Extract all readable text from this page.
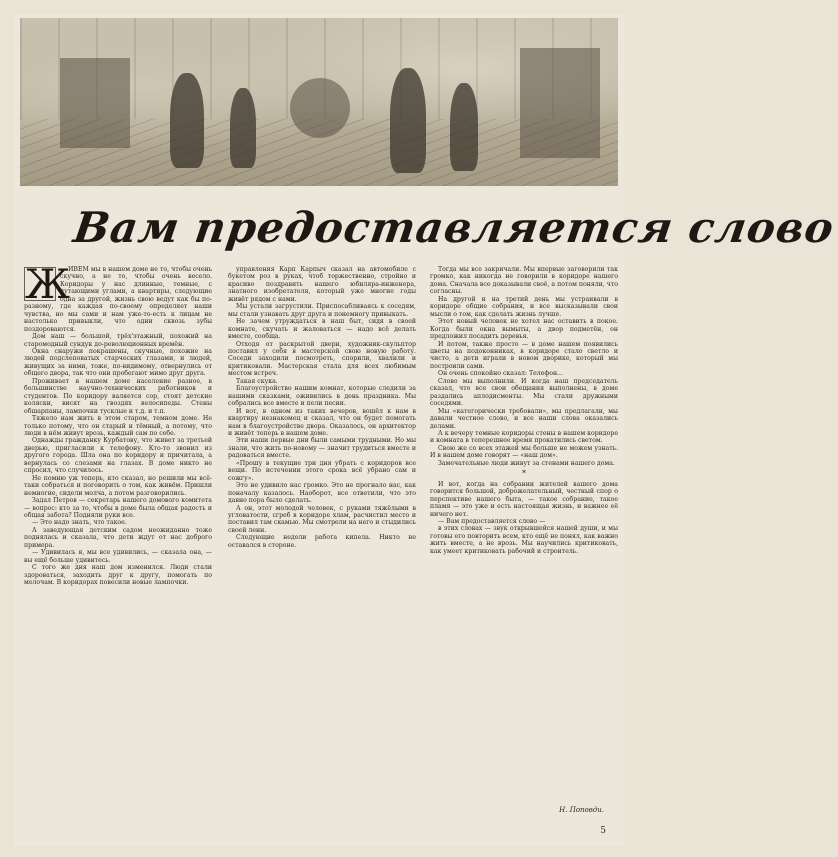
Вам предоставляется слово
Ж

ИВЕМ мы в нашем доме не то, чтобы очень скучно, а не то, чтобы очень весело. Коридоры у нас длинные, темные, с путающими углами, а квартиры, следующие одна за другой, жизнь свою ведут как бы по-разному, где каждая по-своему определяет наши чувства, но мы сами и нам уже-то-есть к лицам не настолько привыкли, что одни сквозь зубы поздороваются.

Дом наш — большой, трёх'этажный, похожий на старомодный сундук до-революционных времён.

Окна снаружи покрашены, скучные, похожие на людей подслеповатых старческих глазами, и людей, живущих за ними, тоже, по-видимому, отвернулись от общего двора, так что они пробегают мимо друг друга.

Проживает в нашем доме население разное, в большинстве научно-технических работников и студентов. По коридору валяется сор, стоят детские коляски, висят на гвоздях велосипеды. Стены обшарпаны, лампочки тусклые и т.д. и т.п.

Тяжело нам жить в этом старом, темном доме. Не только потому, что он старый и тёмный, а потому, что люди в нём живут врозь, каждый сам по себе.

Однажды гражданку Курбатову, что живет за третьей дверью, пригласили к телефону. Кто-то звонил из другого города. Шла она по коридору и причитала, а вернулась со слезами на глазах. В доме никто не спросил, что случилось.

Не помню уж теперь, кто сказал, но решили мы всё-таки собраться и поговорить о том, как живём. Пришли немногие, сидели молча, а потом разговорились.

Задал Петров — секретарь нашего домового комитета — вопрос: кто за то, чтобы в доме была общая радость и общая забота? Подняли руки все.

— Это надо знать, что такое.

А заведующая детским садом неожиданно тоже поднялась и сказала, что дети ждут от нас доброго примера.

— Удивилась я, мы все удивились, — сказала она, — вы ещё больше удивитесь.

С того же дня наш дом изменился. Люди стали здороваться, заходить друг к другу, помогать по мелочам. В коридорах повесили новые лампочки.

управления Карп Карпыч сказал на автомобиле с букетом роз в руках, чтоб торжественно, стройно и красиво поздравить нашего юбиляра-инженера, знатного изобретателя, который уже многие годы живёт рядом с нами.

Мы устали загрустили. Приспосабливаясь к соседям, мы стали узнавать друг друга и понемногу привыкать.

Не зачем утруждаться в наш быт, сидя в своей комнате, скучать и жаловаться — надо всё делать вместе, сообща.

Отходя от раскрытой двери, художник-скульптор поставил у себя в мастерской свою новую работу. Соседи заходили посмотреть, спорили, хвалили и критиковали. Мастерская стала для всех любимым местом встреч.

Такая скука.

Благоустройство нашим комнат, которые следили за нашими сказками, оживились в день праздника. Мы собрались все вместе и пели песни.

И вот, в одном из таких вечеров, вошёл к нам в квартиру незнакомец и сказал, что он будет помогать нам в благоустройстве двора. Оказалось, он архитектор и живёт теперь в нашем доме.

Эти наши первые дни были самыми трудными. Но мы знали, что жить по-новому — значит трудиться вместе и радоваться вместе.

«Прошу в текущие три дня убрать с коридоров все вещи. По истечении этого срока всё убрано сам и сожгу».

Это не удивило нас громко. Это не прогнало нас, как поначалу казалось. Наоборот, все ответили, что это давно пора было сделать.

А он, этот молодой человек, с руками тяжёлыми в угловатости, сгреб в коридоре хлам, расчистил место и поставил там скамью. Мы смотрели на него и стыдились своей лени.

Следующие недели работа кипела. Никто не оставался в стороне.

Тогда мы все закричали. Мы впервые заговорили так громко, как никогда не говорили в коридоре нашего дома. Сначала все доказывали своё, а потом поняли, что согласны.

На другой и на третий день мы устраивали в коридоре общие собрания, и все высказывали свои мысли о том, как сделать жизнь лучше.

Этот новый человек не хотел нас оставить в покое. Когда были окна вымыты, а двор подметён, он предложил посадить деревья.

И потом, также просто — в доме нашем появились цветы на подоконниках, в коридоре стало светло и чисто, а дети играли в новом дворике, который мы построили сами.

Он очень спокойно сказал: Телефон...

Слово мы выполнили. И когда наш председатель сказал, что все свои обещания выполнены, в доме раздались аплодисменты. Мы стали дружными соседями.

Мы «категорически требовали», мы предлагали, мы давали честное слово, и все наши слова оказались делами.

А к вечеру темные коридоры стены в нашем коридоре и комната в теперешнее время прокатились светом.

Свою же со всех этажей мы больше не можем узнать. И в нашем доме говорят — «наш дом».

Замечательные люди живут за стенами нашего дома.

*

И вот, когда на собрании жителей вашего дома говорится большой, доброжелательный, честный спор о перспективе нашего быта, — такое собрание, такое пламя — это уже и есть настоящая жизнь, и важнее её ничего нет.

— Вам предоставляется слово —

в этих словах — звук открывшейся нашей души, и мы готовы его повторить всем, кто ещё не понял, как важно жить вместе, а не врозь. Мы научились критиковать, как умеет критиковать рабочий и строитель.

Н. Поповди.
5
